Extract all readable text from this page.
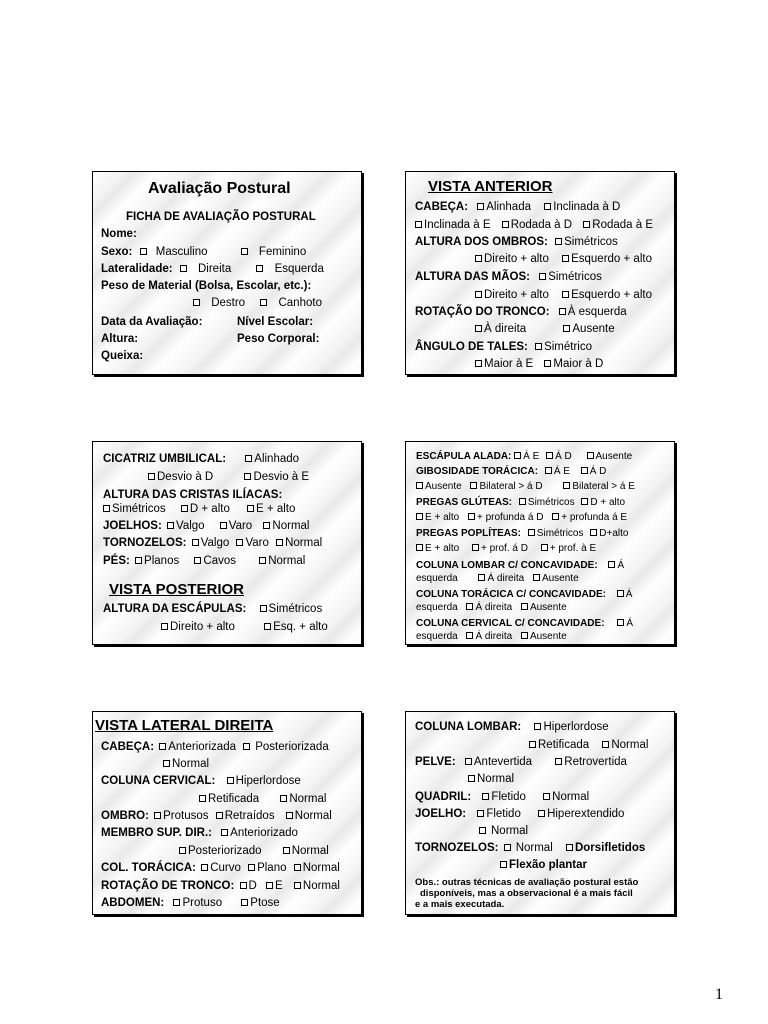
Avaliação Postural
FICHA DE AVALIAÇÃO POSTURAL
Nome:
Sexo: Masculino	Feminino
Lateralidade: Direita	Esquerda
Peso de Material (Bolsa, Escolar, etc.):
Destro	Canhoto
Data da Avaliação:	Nível Escolar:
Altura:	Peso Corporal:
Queixa:
VISTA ANTERIOR
CABEÇA: Alinhada Inclinada à D
Inclinada à E Rodada à D Rodada à E
ALTURA DOS OMBROS: Simétricos
Direito + alto Esquerdo + alto
ALTURA DAS MÃOS: Simétricos
Direito + alto Esquerdo + alto
ROTAÇÃO DO TRONCO: À esquerda
À direita	Ausente
ÂNGULO DE TALES: Simétrico
Maior à E Maior à D
CICATRIZ UMBILICAL: Alinhado
Desvio à D	Desvio à E
ALTURA DAS CRISTAS ILÍACAS:
Simétricos D + alto E + alto
JOELHOS: Valgo Varo Normal
TORNOZELOS: Valgo Varo Normal
PÉS: Planos Cavos	Normal
VISTA POSTERIOR
ALTURA DA ESCÁPULAS: Simétricos
Direito + alto	Esq. + alto
ESCÁPULA ALADA: Á E Á D Ausente
GIBOSIDADE TORÁCICA: Á E Á D
Ausente Bilateral > á D	Bilateral > á E
PREGAS GLÚTEAS: Simétricos D + alto
E + alto + profunda á D + profunda á E
PREGAS POPLÍTEAS: Simétricos D+alto
E + alto + prof. á D + prof. à E
COLUNA LOMBAR C/ CONCAVIDADE: Á
esquerda	Á direita Ausente
COLUNA TORÁCICA C/ CONCAVIDADE: Á
esquerda Á direita Ausente
COLUNA CERVICAL C/ CONCAVIDADE: Á
esquerda Á direita Ausente
VISTA LATERAL DIREITA
CABEÇA: Anteriorizada Posteriorizada
Normal
COLUNA CERVICAL: Hiperlordose
Retificada	Normal
OMBRO: Protusos Retraídos Normal
MEMBRO SUP. DIR.: Anteriorizado
Posteriorizado	Normal
COL. TORÁCICA: Curvo Plano Normal
ROTAÇÃO DE TRONCO: D E Normal
ABDOMEN: Protuso Ptose
COLUNA LOMBAR: Hiperlordose
Retificada Normal
PELVE: Antevertida	Retrovertida
Normal
QUADRIL: Fletido Normal
JOELHO: Fletido Hiperextendido
Normal
TORNOZELOS: Normal Dorsifletidos
Flexão plantar
Obs.: outras técnicas de avaliação postural estão
disponíveis, mas a observacional é a mais fácil
e a mais executada.
1
